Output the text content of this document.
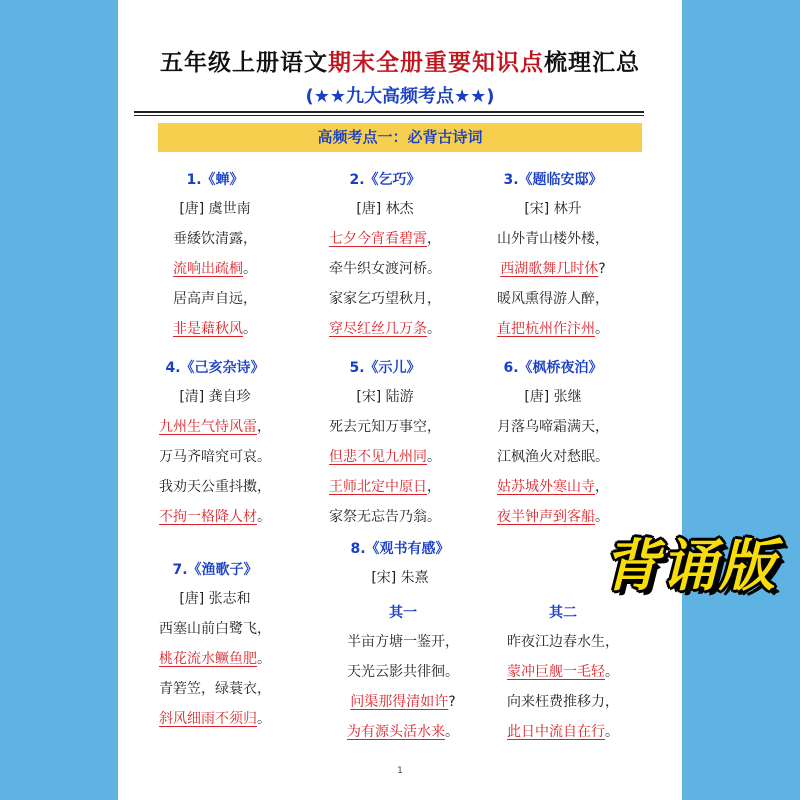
五年级上册语文期末全册重要知识点梳理汇总
(★★九大高频考点★★)
高频考点一：必背古诗词
1.《蝉》
[唐] 虞世南
垂緌饮清露，
流响出疏桐。
居高声自远，
非是藉秋风。
2.《乞巧》
[唐] 林杰
七夕今宵看碧霄，
牵牛织女渡河桥。
家家乞巧望秋月，
穿尽红丝几万条。
3.《题临安邸》
[宋] 林升
山外青山楼外楼，
西湖歌舞几时休?
暖风熏得游人醉，
直把杭州作汴州。
4.《己亥杂诗》
[清] 龚自珍
九州生气恃风雷，
万马齐喑究可哀。
我劝天公重抖擞，
不拘一格降人材。
5.《示儿》
[宋] 陆游
死去元知万事空，
但悲不见九州同。
王师北定中原日，
家祭无忘告乃翁。
6.《枫桥夜泊》
[唐] 张继
月落乌啼霜满天，
江枫渔火对愁眠。
姑苏城外寒山寺，
夜半钟声到客船。
7.《渔歌子》
[唐] 张志和
西塞山前白鹭飞，
桃花流水鳜鱼肥。
青箬笠，绿蓑衣，
斜风细雨不须归。
8.《观书有感》
[宋] 朱熹
其一
半亩方塘一鉴开，
天光云影共徘徊。
问渠那得清如许?
为有源头活水来。
其二
昨夜江边春水生，
蒙冲巨舰一毛轻。
向来枉费推移力，
此日中流自在行。
1
背诵版
